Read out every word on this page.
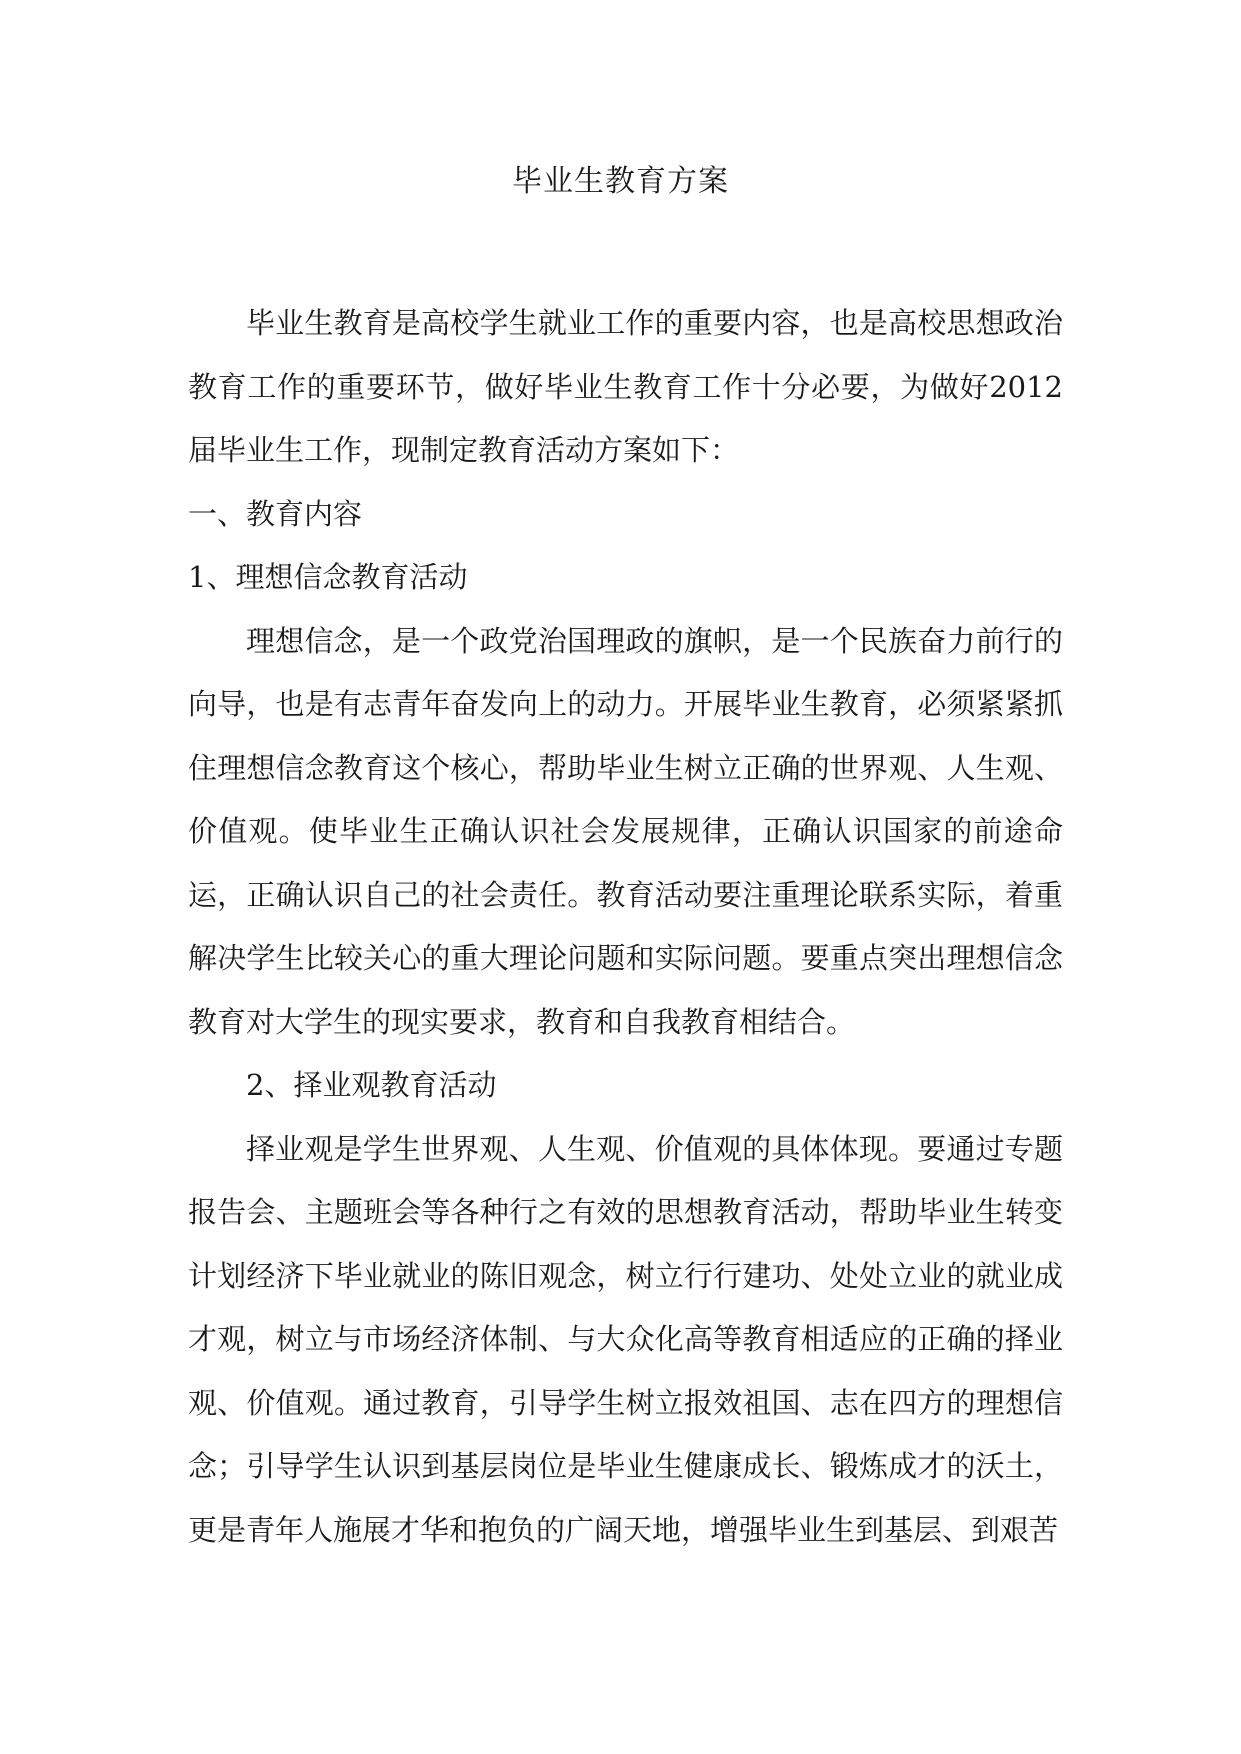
毕业生教育方案

毕业生教育是高校学生就业工作的重要内容，也是高校思想政治教育工作的重要环节，做好毕业生教育工作十分必要，为做好2012届毕业生工作，现制定教育活动方案如下：

一、教育内容

1、理想信念教育活动

理想信念，是一个政党治国理政的旗帜，是一个民族奋力前行的向导，也是有志青年奋发向上的动力。开展毕业生教育，必须紧紧抓住理想信念教育这个核心，帮助毕业生树立正确的世界观、人生观、价值观。使毕业生正确认识社会发展规律，正确认识国家的前途命运，正确认识自己的社会责任。教育活动要注重理论联系实际，着重解决学生比较关心的重大理论问题和实际问题。要重点突出理想信念教育对大学生的现实要求，教育和自我教育相结合。

2、择业观教育活动

择业观是学生世界观、人生观、价值观的具体体现。要通过专题报告会、主题班会等各种行之有效的思想教育活动，帮助毕业生转变计划经济下毕业就业的陈旧观念，树立行行建功、处处立业的就业成才观，树立与市场经济体制、与大众化高等教育相适应的正确的择业观、价值观。通过教育，引导学生树立报效祖国、志在四方的理想信念；引导学生认识到基层岗位是毕业生健康成长、锻炼成才的沃土，更是青年人施展才华和抱负的广阔天地，增强毕业生到基层、到艰苦
